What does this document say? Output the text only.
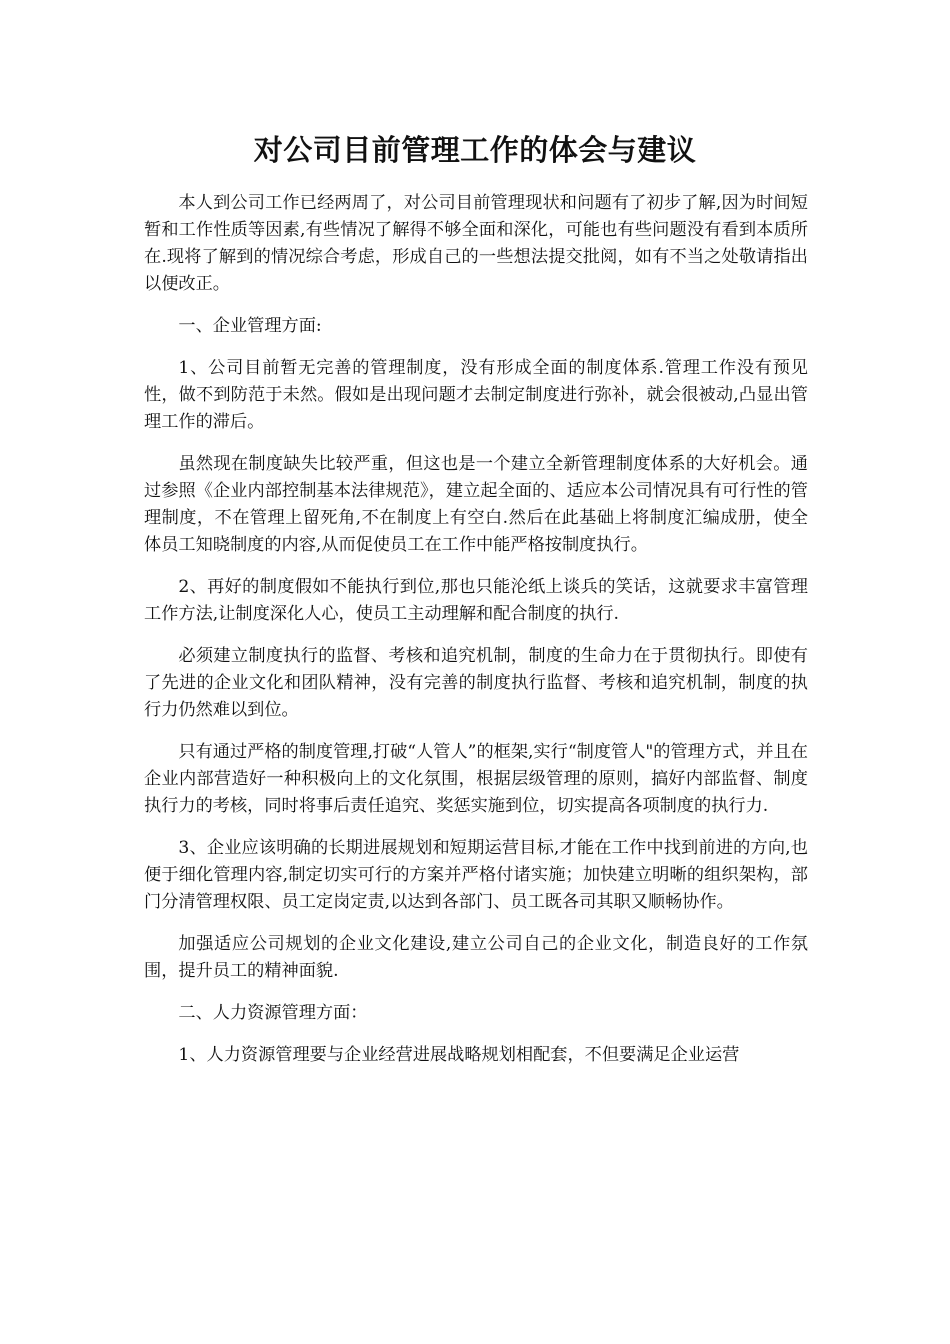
对公司目前管理工作的体会与建议

本人到公司工作已经两周了，对公司目前管理现状和问题有了初步了解,因为时间短暂和工作性质等因素,有些情况了解得不够全面和深化，可能也有些问题没有看到本质所在.现将了解到的情况综合考虑，形成自己的一些想法提交批阅，如有不当之处敬请指出以便改正。

一、企业管理方面:

1、公司目前暂无完善的管理制度，没有形成全面的制度体系.管理工作没有预见性，做不到防范于未然。假如是出现问题才去制定制度进行弥补，就会很被动,凸显出管理工作的滞后。

虽然现在制度缺失比较严重，但这也是一个建立全新管理制度体系的大好机会。通过参照《企业内部控制基本法律规范》，建立起全面的、适应本公司情况具有可行性的管理制度，不在管理上留死角,不在制度上有空白.然后在此基础上将制度汇编成册，使全体员工知晓制度的内容,从而促使员工在工作中能严格按制度执行。

2、再好的制度假如不能执行到位,那也只能沦纸上谈兵的笑话，这就要求丰富管理工作方法,让制度深化人心，使员工主动理解和配合制度的执行.

必须建立制度执行的监督、考核和追究机制，制度的生命力在于贯彻执行。即使有了先进的企业文化和团队精神，没有完善的制度执行监督、考核和追究机制，制度的执行力仍然难以到位。

只有通过严格的制度管理,打破“人管人”的框架,实行“制度管人"的管理方式，并且在企业内部营造好一种积极向上的文化氛围，根据层级管理的原则，搞好内部监督、制度执行力的考核，同时将事后责任追究、奖惩实施到位，切实提高各项制度的执行力.

3、企业应该明确的长期进展规划和短期运营目标,才能在工作中找到前进的方向,也便于细化管理内容,制定切实可行的方案并严格付诸实施；加快建立明晰的组织架构，部门分清管理权限、员工定岗定责,以达到各部门、员工既各司其职又顺畅协作。

加强适应公司规划的企业文化建设,建立公司自己的企业文化，制造良好的工作氛围，提升员工的精神面貌.

二、人力资源管理方面：

1、人力资源管理要与企业经营进展战略规划相配套，不但要满足企业运营
